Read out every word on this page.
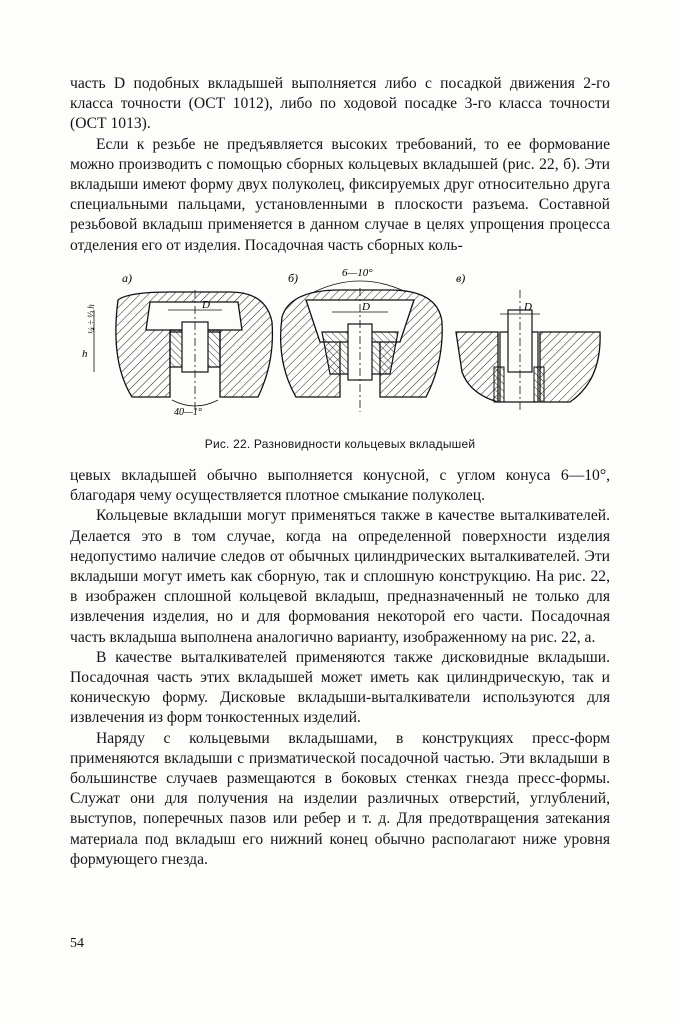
часть D подобных вкладышей выполняется либо с посадкой движения 2-го класса точности (ОСТ 1012), либо по ходовой посадке 3-го класса точности (ОСТ 1013).

Если к резьбе не предъявляется высоких требований, то ее формование можно производить с помощью сборных кольцевых вкладышей (рис. 22, б). Эти вкладыши имеют форму двух полуколец, фиксируемых друг относительно друга специальными пальцами, установленными в плоскости разъема. Составной резьбовой вкладыш применяется в данном случае в целях упрощения процесса отделения его от изделия. Посадочная часть сборных коль-

а)
D
h
¼ ÷ ⅓ h
40—1°
б)	6—10°
D
в)
D
Рис. 22. Разновидности кольцевых вкладышей

цевых вкладышей обычно выполняется конусной, с углом конуса 6—10°, благодаря чему осуществляется плотное смыкание полуколец.

Кольцевые вкладыши могут применяться также в качестве выталкивателей. Делается это в том случае, когда на определенной поверхности изделия недопустимо наличие следов от обычных цилиндрических выталкивателей. Эти вкладыши могут иметь как сборную, так и сплошную конструкцию. На рис. 22, в изображен сплошной кольцевой вкладыш, предназначенный не только для извлечения изделия, но и для формования некоторой его части. Посадочная часть вкладыша выполнена аналогично варианту, изображенному на рис. 22, а.

В качестве выталкивателей применяются также дисковидные вкладыши. Посадочная часть этих вкладышей может иметь как цилиндрическую, так и коническую форму. Дисковые вкладыши-выталкиватели используются для извлечения из форм тонкостенных изделий.

Наряду с кольцевыми вкладышами, в конструкциях пресс-форм применяются вкладыши с призматической посадочной частью. Эти вкладыши в большинстве случаев размещаются в боковых стенках гнезда пресс-формы. Служат они для получения на изделии различных отверстий, углублений, выступов, поперечных пазов или ребер и т. д. Для предотвращения затекания материала под вкладыш его нижний конец обычно располагают ниже уровня формующего гнезда.

54
